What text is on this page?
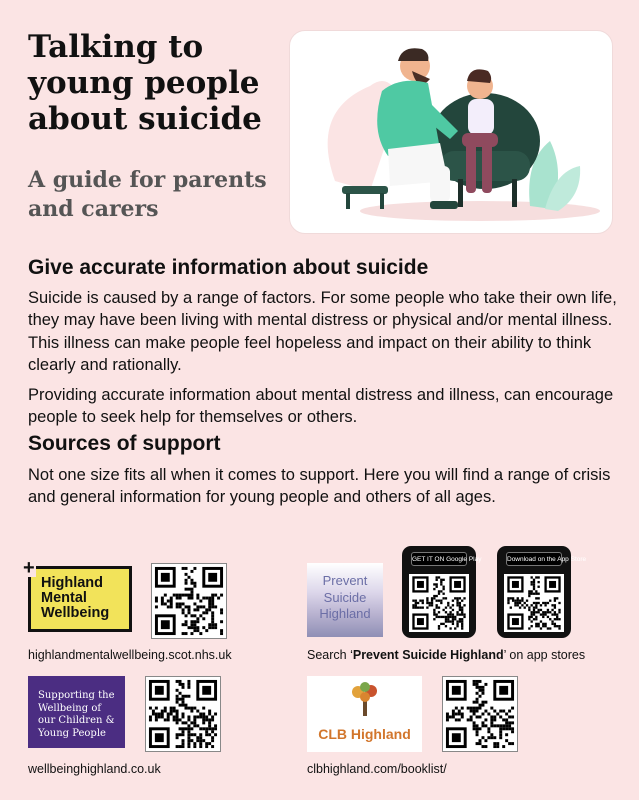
Talking to young people about suicide
A guide for parents and carers
Give accurate information about suicide

Suicide is caused by a range of factors. For some people who take their own life, they may have been living with mental distress or physical and/or mental illness. This illness can make people feel hopeless and impact on their ability to think clearly and rationally.

Providing accurate information about mental distress and illness, can encourage people to seek help for themselves or others.

Sources of support

Not one size fits all when it comes to support. Here you will find a range of crisis and general information for young people and others of all ages.

+
Highland
Mental
Wellbeing
highlandmentalwellbeing.scot.nhs.uk
Prevent
Suicide
Highland
GET IT ON Google Play	Download on the App Store
Search ‘Prevent Suicide Highland’ on app stores
Supporting the Wellbeing of our Children & Young People
wellbeinghighland.co.uk
CLB Highland
clbhighland.com/booklist/
